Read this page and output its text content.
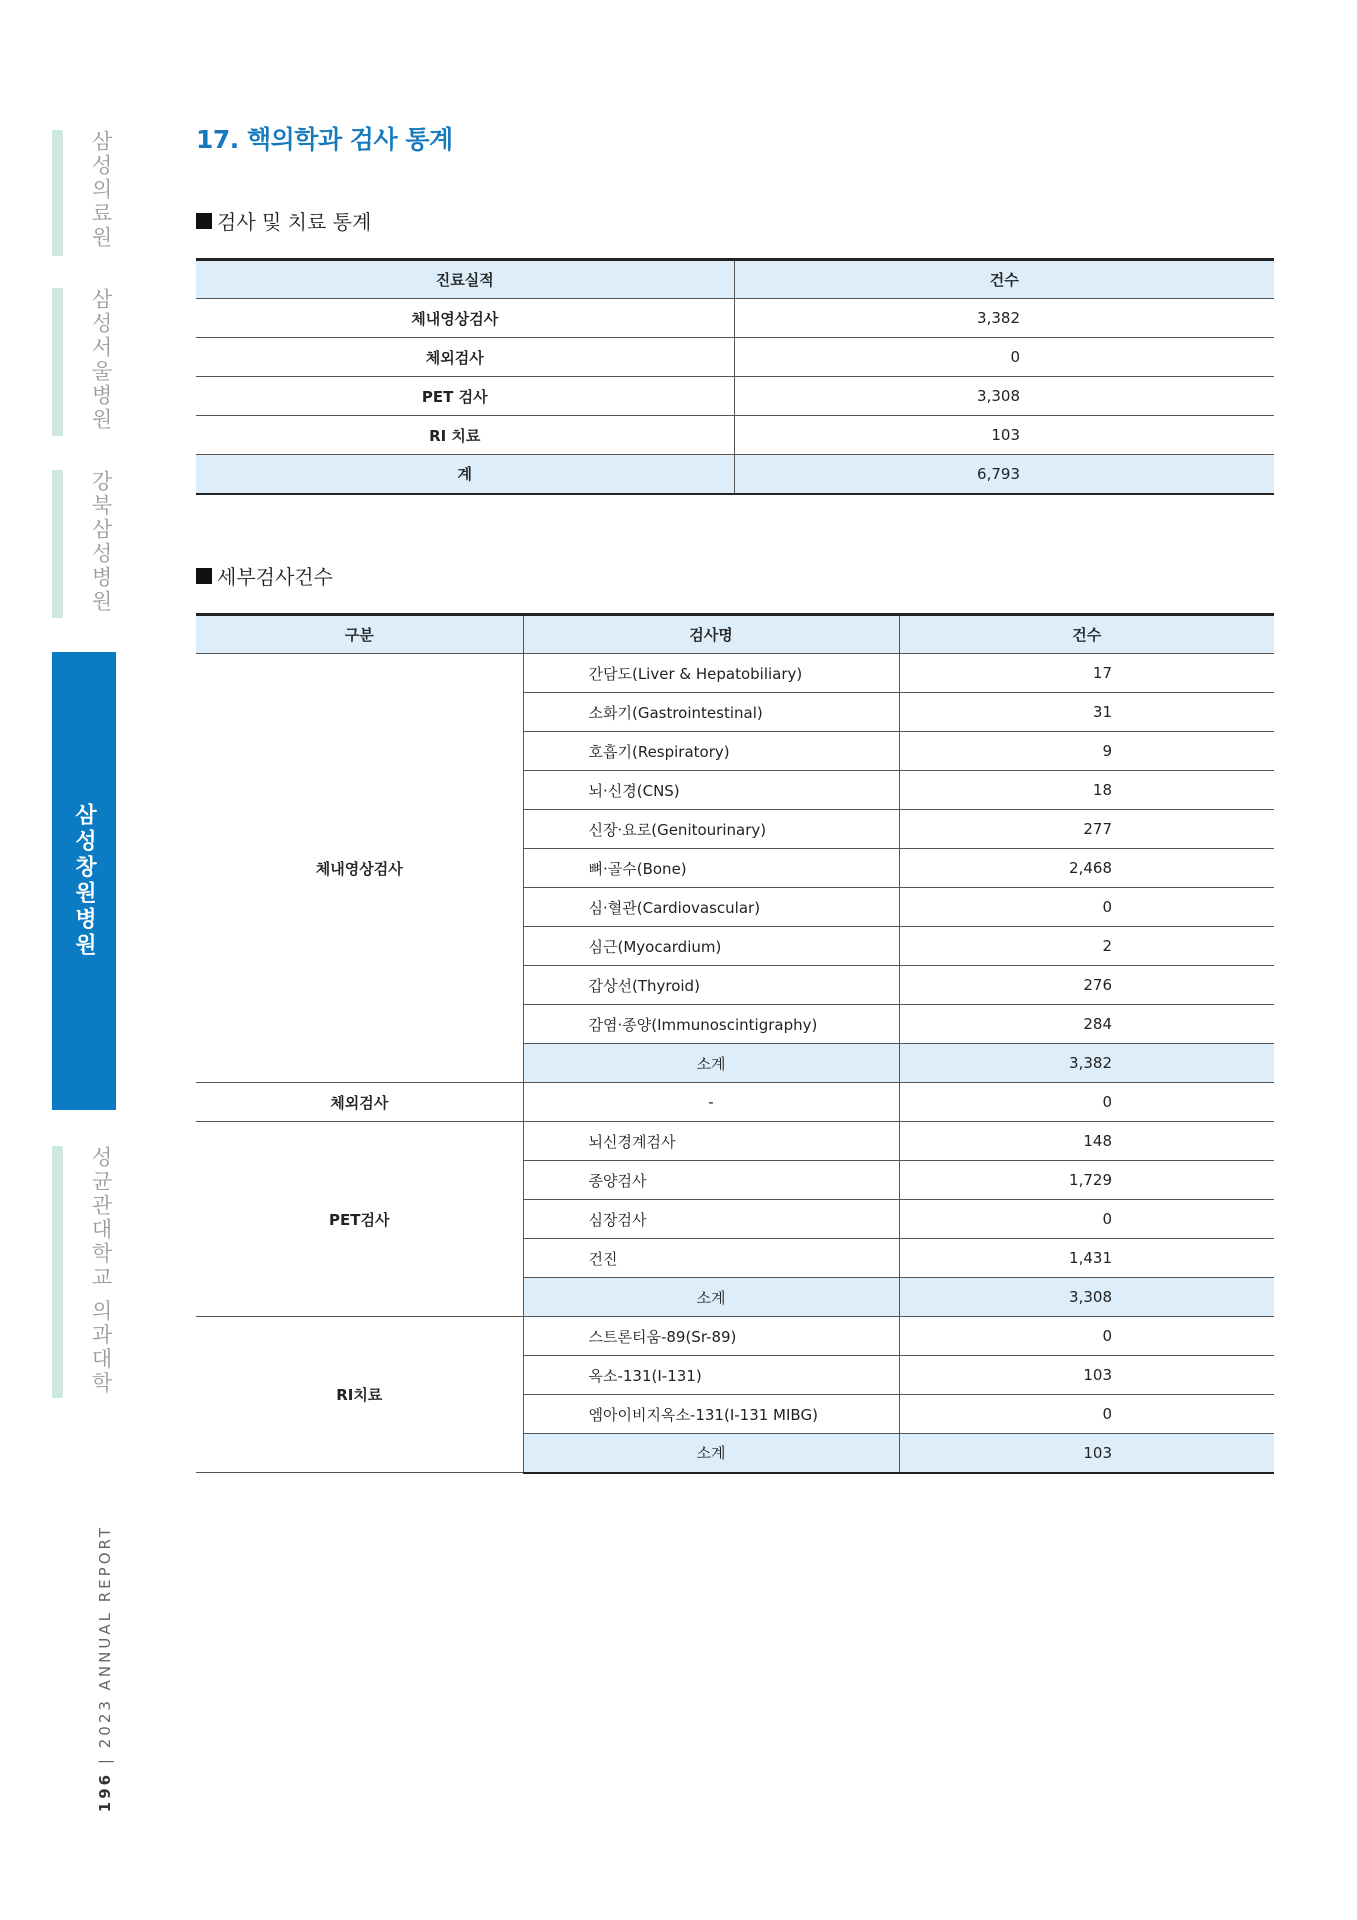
삼성의료원
삼성서울병원
강북삼성병원
삼성창원병원
성균관대학교 의과대학
196 | 2023 ANNUAL REPORT
17. 핵의학과 검사 통계
검사 및 치료 통계
진료실적	건수
체내영상검사	3,382
체외검사	0
PET 검사	3,308
RI 치료	103
계	6,793
세부검사건수
구분	검사명	건수
체내영상검사	간담도(Liver & Hepatobiliary)	17
	소화기(Gastrointestinal)	31
	호흡기(Respiratory)	9
	뇌·신경(CNS)	18
	신장·요로(Genitourinary)	277
	뼈·골수(Bone)	2,468
	심·혈관(Cardiovascular)	0
	심근(Myocardium)	2
	갑상선(Thyroid)	276
	감염·종양(Immunoscintigraphy)	284
	소계	3,382
체외검사	-	0
PET검사	뇌신경계검사	148
	종양검사	1,729
	심장검사	0
	건진	1,431
	소계	3,308
RI치료	스트론티움-89(Sr-89)	0
	옥소-131(I-131)	103
	엠아이비지옥소-131(I-131 MIBG)	0
	소계	103
